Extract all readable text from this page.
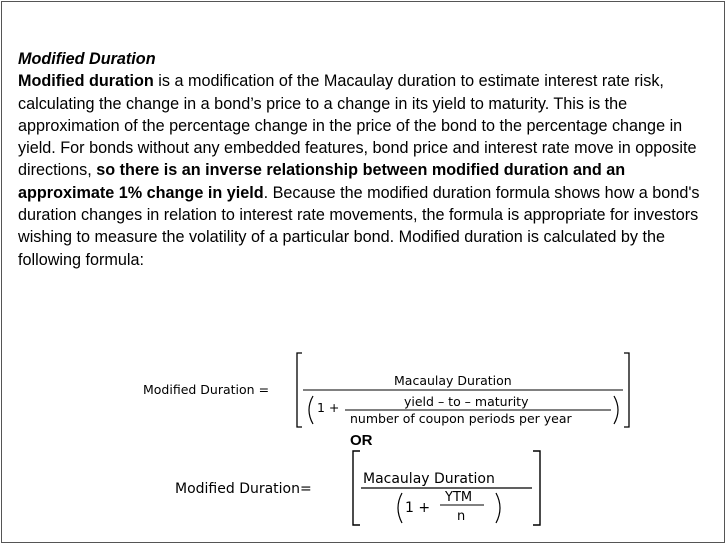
Modified Duration
Modified duration is a modification of the Macaulay duration to estimate interest rate risk, calculating the change in a bond’s price to a change in its yield to maturity. This is the approximation of the percentage change in the price of the bond to the percentage change in yield. For bonds without any embedded features, bond price and interest rate move in opposite directions, so there is an inverse relationship between modified duration and an approximate 1% change in yield. Because the modified duration formula shows how a bond's duration changes in relation to interest rate movements, the formula is appropriate for investors wishing to measure the volatility of a particular bond. Modified duration is calculated by the following formula:
Modified Duration =
Macaulay Duration
1 +	yield – to – maturity
number of coupon periods per year
Modified Duration=
Macaulay Duration
1 +
YTM
n
OR
